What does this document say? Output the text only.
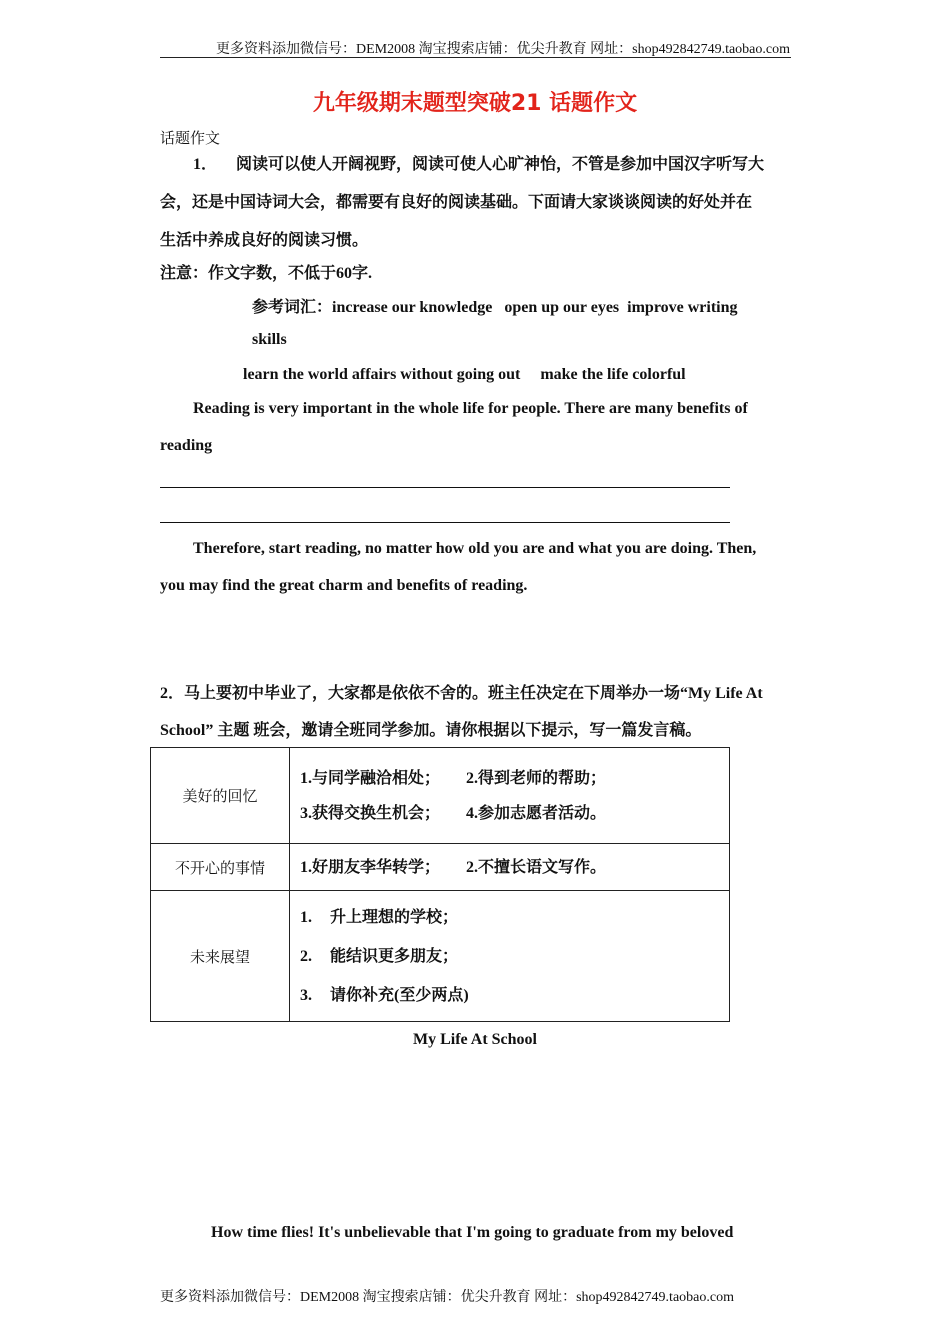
更多资料添加微信号：DEM2008 淘宝搜索店铺：优尖升教育 网址：shop492842749.taobao.com
九年级期末题型突破21 话题作文
话题作文
1． 阅读可以使人开阔视野，阅读可使人心旷神怡，不管是参加中国汉字听写大
会，还是中国诗词大会，都需要有良好的阅读基础。下面请大家谈谈阅读的好处并在
生活中养成良好的阅读习惯。
注意：作文字数，不低于60字.
参考词汇：increase our knowledge   open up our eyes  improve writing
skills
learn the world affairs without going out     make the life colorful
Reading is very important in the whole life for people. There are many benefits of
reading
Therefore, start reading, no matter how old you are and what you are doing. Then,
you may find the great charm and benefits of reading.
2．马上要初中毕业了，大家都是依依不舍的。班主任决定在下周举办一场“My Life At
School” 主题 班会，邀请全班同学参加。请你根据以下提示，写一篇发言稿。
美好的回忆	1.与同学融洽相处； 2.得到老师的帮助；
3.获得交换生机会； 4.参加志愿者活动。

不开心的事情	1.好朋友李华转学； 2.不擅长语文写作。

未来展望	1. 升上理想的学校；
2. 能结识更多朋友；
3. 请你补充(至少两点)
My Life At School
How time flies! It's unbelievable that I'm going to graduate from my beloved
更多资料添加微信号：DEM2008 淘宝搜索店铺：优尖升教育 网址：shop492842749.taobao.com
